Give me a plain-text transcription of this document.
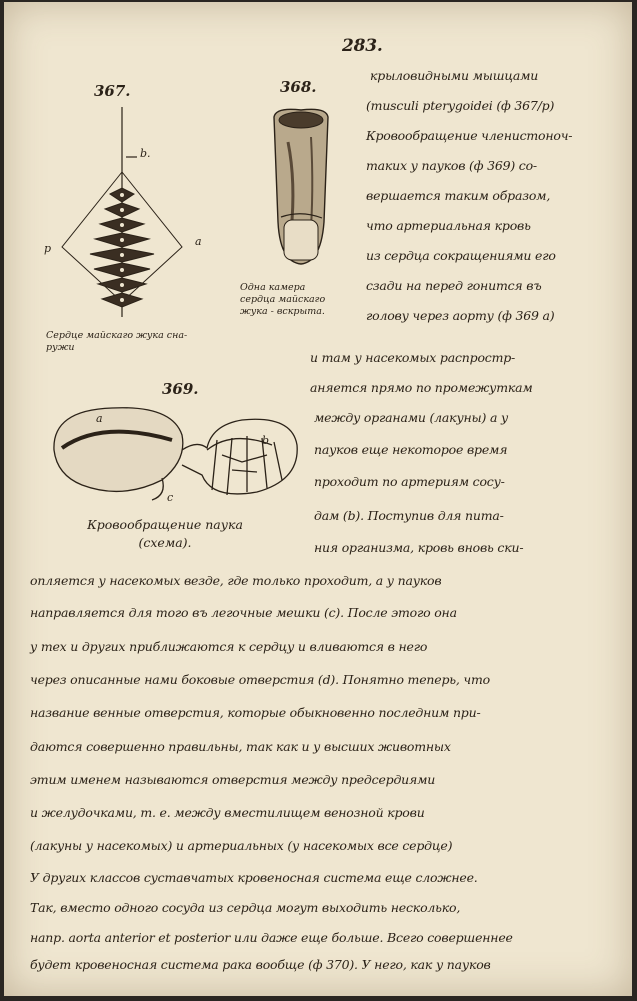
283.
367.
b.
p
a
Сердце майскаго жука сна-
ружи
368.
Одна камера
сердца майскаго
жука - вскрыта.
369.
a
b
c
Кровообращение паука
(схема).
крыловидными мышцами
(musculi pterygoidei (ф 367/p)
Кровообращение членистоноч-
таких у пауков (ф 369) со-
вершается таким образом,
что артериальная кровь
из сердца сокращениями его
сзади на перед гонится въ
голову через аорту (ф 369 a)
и там у насекомых распростр-
аняется прямо по промежуткам
между органами (лакуны) а у
пауков еще некоторое время
проходит по артериям сосу-
дам (b). Поступив для пита-
ния организма, кровь вновь ски-
опляется у насекомых везде, где только проходит, а у пауков
направляется для того въ легочные мешки (c). После этого она
у тех и других приближаются к сердцу и вливаются в него
через описанные нами боковые отверстия (d). Понятно теперь, что
название венные отверстия, которые обыкновенно последним при-
даются совершенно правильны, так как и у высших животных
этим именем называются отверстия между предсердиями
и желудочками, т. е. между вместилищем венозной крови
(лакуны у насекомых) и артериальных (у насекомых все сердце)
У других классов суставчатых кровеносная система еще сложнее.
Так, вместо одного сосуда из сердца могут выходить несколько,
напр. aorta anterior et posterior или даже еще больше. Всего совершеннее
будет кровеносная система рака вообще (ф 370). У него, как у пауков
